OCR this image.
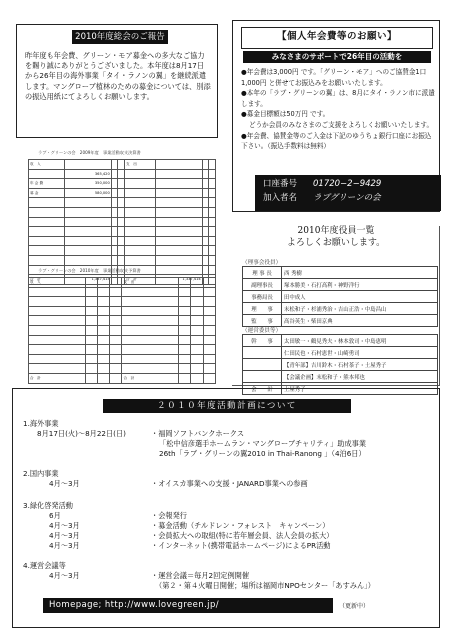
2010年度総会のご報告
昨年度も年会費、グリーン・モア募金への多大なご協力を賜り誠にありがとうございました。本年度は8月17日から26年目の海外事業「タイ・ラノンの翼」を継続派遣します。マングローブ植林のための募金については、別添の振込用紙にてよろしくお願いします。
ラブ・グリーンの会　2009年度　事業活動収支決算書
収　入				支　出			
	365,420						
年 会 費	350,000						
募 金	580,000						

合　計	1,337,414			合　計	1,337,414		
ラブ・グリーンの会　2010年度　事業活動収支予算書
収　入				支　出			

合　計				合　計			
【個人年会費等のお願い】
みなさまのサポートで26年目の活動を
●年会費は3,000円 です。「グリーン・モア」へのご協賛金1口1,000円 と併せてお振込みをお願いいたします。
●本年の「ラブ・グリーンの翼」は、8月にタイ・ラノン市に派遣します。
●募金目標額は50万円 です。
どうか会員のみなさまのご支援をよろしくお願いいたします。
●年会費、協賛金等のご入金は下記のゆうちょ銀行口座にお振込下さい。（振込手数料は無料）
口座番号 01720−2−9429
加入者名 ラブグリーンの会
2010年度役員一覧
よろしくお願いします。
（理事会役員）
理 事 長	西 秀樹
副理事長	塚本勝美・石打高利・神野洋行
事務局長	田中成人
理　　事	末松和子・杉浦秀治・吉山正浩・中島昌山
監　　事	高谷英生・柴田京典
（運営委員等）
幹　　事	太田敏一・鶴見秀夫・林本敦司・中島恵明
	仁田民也・石村恵世・山崎勇司
	【青年部】吉川鈴木・石村茶子・土屋秀子
	【会議企画】末松和子・熊本邦也
会　　計	土屋秀子
２０１０年度活動計画について
1.海外事業
8月17日(火)〜8月22日(日)	・福岡ソフトバンクホークス
「松中信彦選手ホームラン・マングローブチャリティ」助成事業
26th「ラブ・グリーンの翼2010 in Thai-Ranong 」（4泊6日）
2.国内事業
4月〜3月	・オイスカ事業への支援・JANARD事業への参画
3.緑化啓発活動
6月	・会報発行
4月〜3月	・募金活動（チルドレン・フォレスト　キャンペーン）
4月〜3月	・会員拡大への取組(特に若年層会員、法人会員の拡大）
4月〜3月	・インターネット(携帯電話ホームページ)によるPR活動
4.運営会議等
4月〜3月	・運営会議＝毎月2回定例開催
（第２・第４火曜日開催；場所は福岡市NPOセンター「あすみん」）
Homepage; http://www.lovegreen.jp/	（更新中）
